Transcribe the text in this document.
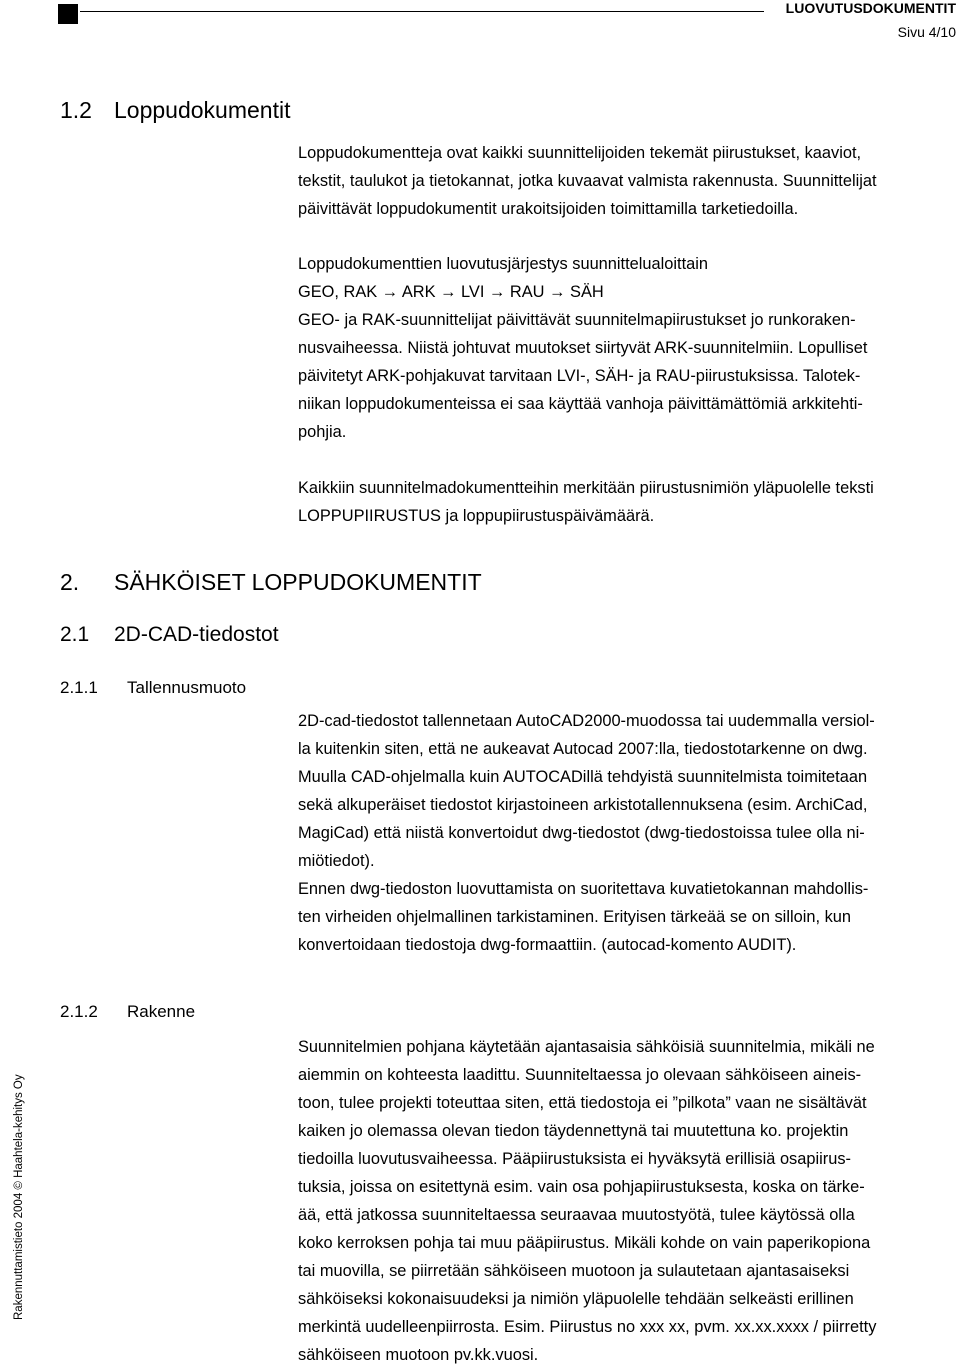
LUOVUTUSDOKUMENTIT
Sivu 4/10
1.2 Loppudokumentit

Loppudokumentteja ovat kaikki suunnittelijoiden tekemät piirustukset, kaaviot,

tekstit, taulukot ja tietokannat, jotka kuvaavat valmista rakennusta. Suunnittelijat

päivittävät loppudokumentit urakoitsijoiden toimittamilla tarketiedoilla.

Loppudokumenttien luovutusjärjestys suunnittelualoittain

GEO, RAK → ARK → LVI → RAU → SÄH

GEO- ja RAK-suunnittelijat päivittävät suunnitelmapiirustukset jo runkoraken-

nusvaiheessa. Niistä johtuvat muutokset siirtyvät ARK-suunnitelmiin. Lopulliset

päivitetyt ARK-pohjakuvat tarvitaan LVI-, SÄH- ja RAU-piirustuksissa. Talotek-

niikan loppudokumenteissa ei saa käyttää vanhoja päivittämättömiä arkkitehti-

pohjia.

Kaikkiin suunnitelmadokumentteihin merkitään piirustusnimiön yläpuolelle teksti

LOPPUPIIRUSTUS ja loppupiirustuspäivämäärä.

2. SÄHKÖISET LOPPUDOKUMENTIT
2.1 2D-CAD-tiedostot
2.1.1 Tallennusmuoto

2D-cad-tiedostot tallennetaan AutoCAD2000-muodossa tai uudemmalla versiol-

la kuitenkin siten, että ne aukeavat Autocad 2007:lla, tiedostotarkenne on dwg.

Muulla CAD-ohjelmalla kuin AUTOCADillä tehdyistä suunnitelmista toimitetaan

sekä alkuperäiset tiedostot kirjastoineen arkistotallennuksena (esim. ArchiCad,

MagiCad) että niistä konvertoidut dwg-tiedostot (dwg-tiedostoissa tulee olla ni-

miötiedot).

Ennen dwg-tiedoston luovuttamista on suoritettava kuvatietokannan mahdollis-

ten virheiden ohjelmallinen tarkistaminen. Erityisen tärkeää se on silloin, kun

konvertoidaan tiedostoja dwg-formaattiin. (autocad-komento AUDIT).

2.1.2 Rakenne

Suunnitelmien pohjana käytetään ajantasaisia sähköisiä suunnitelmia, mikäli ne

aiemmin on kohteesta laadittu. Suunniteltaessa jo olevaan sähköiseen aineis-

toon, tulee projekti toteuttaa siten, että tiedostoja ei ”pilkota” vaan ne sisältävät

kaiken jo olemassa olevan tiedon täydennettynä tai muutettuna ko. projektin

tiedoilla luovutusvaiheessa. Pääpiirustuksista ei hyväksytä erillisiä osapiirus-

tuksia, joissa on esitettynä esim. vain osa pohjapiirustuksesta, koska on tärke-

ää, että jatkossa suunniteltaessa seuraavaa muutostyötä, tulee käytössä olla

koko kerroksen pohja tai muu pääpiirustus. Mikäli kohde on vain paperikopiona

tai muovilla, se piirretään sähköiseen muotoon ja sulautetaan ajantasaiseksi

sähköiseksi kokonaisuudeksi ja nimiön yläpuolelle tehdään selkeästi erillinen

merkintä uudelleenpiirrosta. Esim. Piirustus no xxx xx, pvm. xx.xx.xxxx / piirretty

sähköiseen muotoon pv.kk.vuosi.

Rakennuttamistieto 2004 © Haahtela-kehitys Oy
